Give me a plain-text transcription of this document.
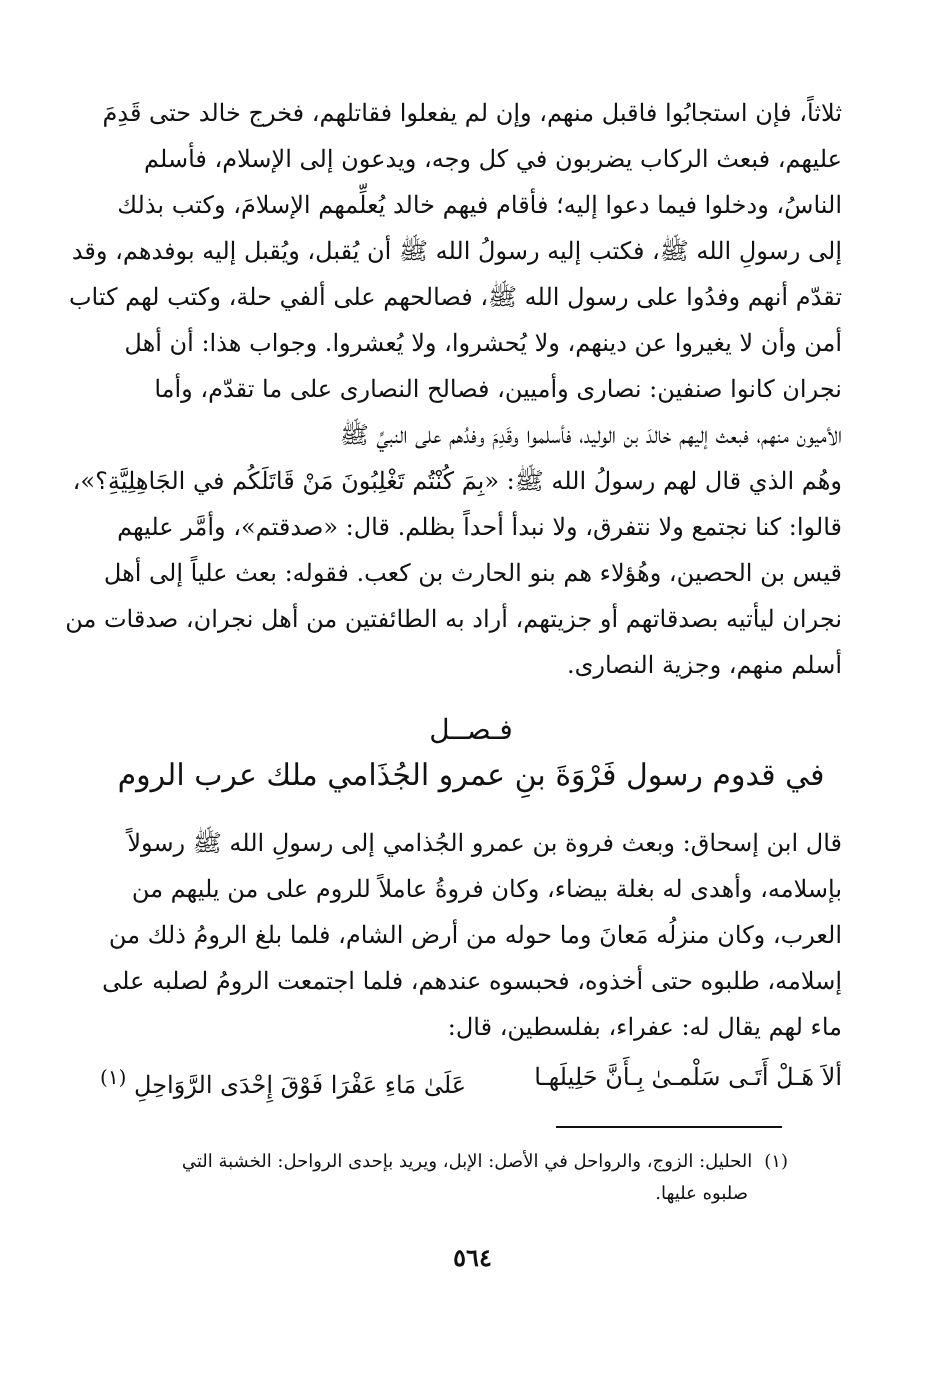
ثلاثاً، فإن استجابُوا فاقبل منهم، وإن لم يفعلوا فقاتلهم، فخرج خالد حتى قَدِمَ

عليهم، فبعث الركاب يضربون في كل وجه، ويدعون إلى الإسلام، فأسلم

الناسُ، ودخلوا فيما دعوا إليه؛ فأقام فيهم خالد يُعلِّمهم الإسلامَ، وكتب بذلك

إلى رسولِ الله ﷺ، فكتب إليه رسولُ الله ﷺ أن يُقبل، ويُقبل إليه بوفدهم، وقد

تقدّم أنهم وفدُوا على رسول الله ﷺ، فصالحهم على ألفي حلة، وكتب لهم كتاب

أمن وأن لا يغيروا عن دينهم، ولا يُحشروا، ولا يُعشروا. وجواب هذا: أن أهل

نجران كانوا صنفين: نصارى وأميين، فصالح النصارى على ما تقدّم، وأما

الأميون منهم، فبعث إليهم خالدَ بن الوليد، فأسلموا وقَدِمَ وفدُهم على النبيِّ ﷺ

وهُم الذي قال لهم رسولُ الله ﷺ: «بِمَ كُنْتُم تَغْلِبُونَ مَنْ قَاتَلَكُم في الجَاهِلِيَّةِ؟»،

قالوا: كنا نجتمع ولا نتفرق، ولا نبدأ أحداً بظلم. قال: «صدقتم»، وأمَّر عليهم

قيس بن الحصين، وهُؤلاء هم بنو الحارث بن كعب. فقوله: بعث علياً إلى أهل

نجران ليأتيه بصدقاتهم أو جزيتهم، أراد به الطائفتين من أهل نجران، صدقات من

أسلم منهم، وجزية النصارى.

فـصــل

في قدوم رسول فَرْوَةَ بنِ عمرو الجُذَامي ملك عرب الروم

قال ابن إسحاق: وبعث فروة بن عمرو الجُذامي إلى رسولِ الله ﷺ رسولاً

بإسلامه، وأهدى له بغلة بيضاء، وكان فروةُ عاملاً للروم على من يليهم من

العرب، وكان منزلُه مَعانَ وما حوله من أرض الشام، فلما بلغ الرومُ ذلك من

إسلامه، طلبوه حتى أخذوه، فحبسوه عندهم، فلما اجتمعت الرومُ لصلبه على

ماء لهم يقال له: عفراء، بفلسطين، قال:

ألاَ هَـلْ أَتَـى سَلْمـىٰ بِـأَنَّ حَلِيلَهـا
عَلَىٰ مَاءِ عَفْرَا فَوْقَ إِحْدَى الرَّوَاحِلِ $^{(١)}$

(١)الحليل: الزوج، والرواحل في الأصل: الإبل، ويريد بإحدى الرواحل: الخشبة التي

صلبوه عليها.

٥٦٤
